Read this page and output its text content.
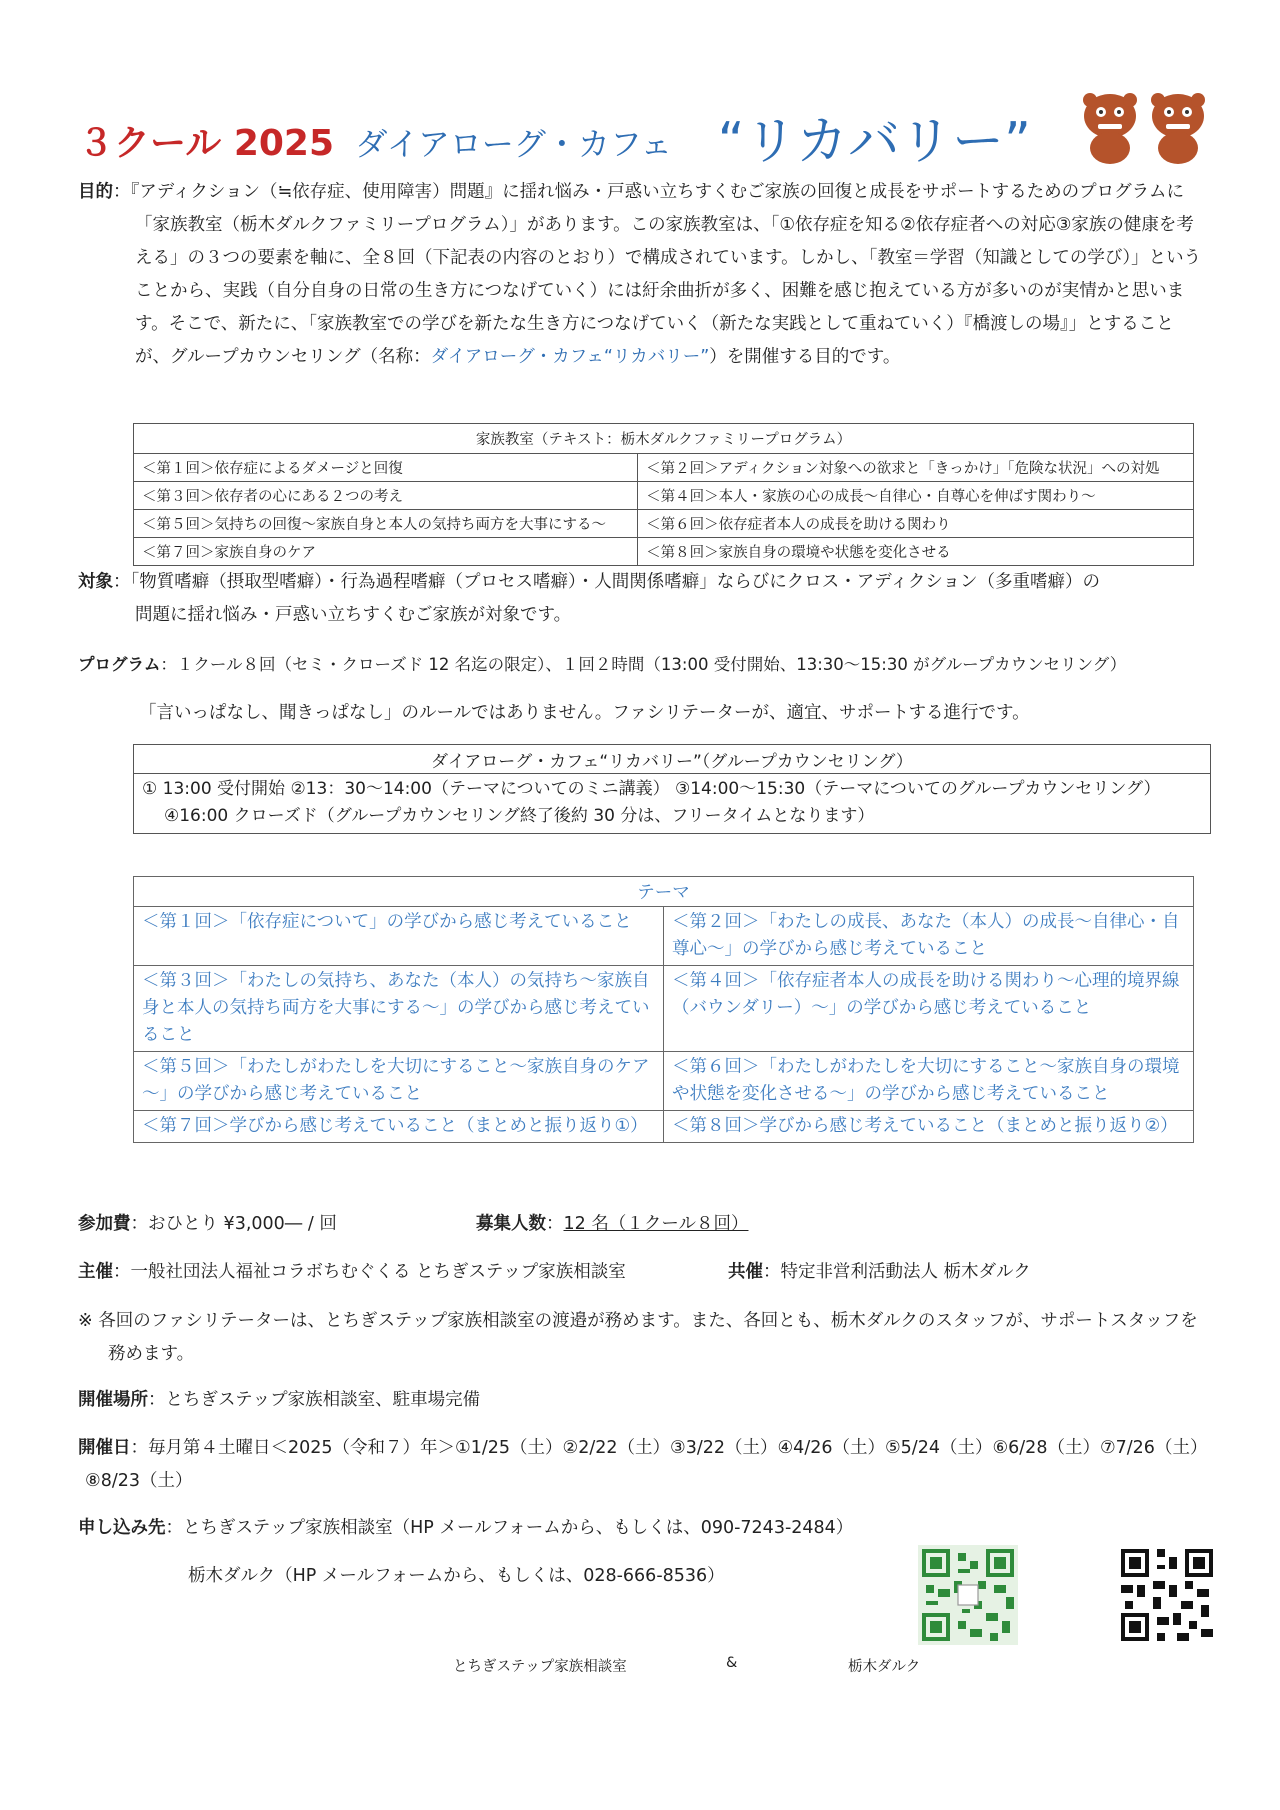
３クール 2025 ダイアローグ・カフェ “リカバリー”
目的：『アディクション（≒依存症、使用障害）問題』に揺れ悩み・戸惑い立ちすくむご家族の回復と成長をサポートするためのプログラムに「家族教室（栃木ダルクファミリープログラム）」があります。この家族教室は、「①依存症を知る②依存症者への対応③家族の健康を考える」の３つの要素を軸に、全８回（下記表の内容のとおり）で構成されています。しかし、「教室＝学習（知識としての学び）」ということから、実践（自分自身の日常の生き方につなげていく）には紆余曲折が多く、困難を感じ抱えている方が多いのが実情かと思います。そこで、新たに、「家族教室での学びを新たな生き方につなげていく（新たな実践として重ねていく）『橋渡しの場』」とすることが、グループカウンセリング（名称：ダイアローグ・カフェ“リカバリー”）を開催する目的です。
家族教室（テキスト：栃木ダルクファミリープログラム）	
＜第１回＞依存症によるダメージと回復	＜第２回＞アディクション対象への欲求と「きっかけ」「危険な状況」への対処
＜第３回＞依存者の心にある２つの考え	＜第４回＞本人・家族の心の成長～自律心・自尊心を伸ばす関わり～
＜第５回＞気持ちの回復～家族自身と本人の気持ち両方を大事にする～	＜第６回＞依存症者本人の成長を助ける関わり
＜第７回＞家族自身のケア	＜第８回＞家族自身の環境や状態を変化させる
対象：「物質嗜癖（摂取型嗜癖）・行為過程嗜癖（プロセス嗜癖）・人間関係嗜癖」ならびにクロス・アディクション（多重嗜癖）の
問題に揺れ悩み・戸惑い立ちすくむご家族が対象です。
プログラム：１クール８回（セミ・クローズド 12 名迄の限定）、１回２時間（13:00 受付開始、13:30～15:30 がグループカウンセリング）
「言いっぱなし、聞きっぱなし」のルールではありません。ファシリテーターが、適宜、サポートする進行です。
ダイアローグ・カフェ“リカバリー”（グループカウンセリング）
① 13:00 受付開始 ②13：30～14:00（テーマについてのミニ講義） ③14:00～15:30（テーマについてのグループカウンセリング） ④16:00 クローズド（グループカウンセリング終了後約 30 分は、フリータイムとなります）
テーマ	
＜第１回＞「依存症について」の学びから感じ考えていること	＜第２回＞「わたしの成長、あなた（本人）の成長～自律心・自尊心～」の学びから感じ考えていること
＜第３回＞「わたしの気持ち、あなた（本人）の気持ち～家族自身と本人の気持ち両方を大事にする～」の学びから感じ考えていること	＜第４回＞「依存症者本人の成長を助ける関わり～心理的境界線（バウンダリー）～」の学びから感じ考えていること
＜第５回＞「わたしがわたしを大切にすること～家族自身のケア～」の学びから感じ考えていること	＜第６回＞「わたしがわたしを大切にすること～家族自身の環境や状態を変化させる～」の学びから感じ考えていること
＜第７回＞学びから感じ考えていること（まとめと振り返り①）	＜第８回＞学びから感じ考えていること（まとめと振り返り②）
参加費：おひとり ¥3,000― / 回	募集人数：12 名（１クール８回）
主催：一般社団法人福祉コラボちむぐくる とちぎステップ家族相談室	共催：特定非営利活動法人 栃木ダルク
※ 各回のファシリテーターは、とちぎステップ家族相談室の渡邉が務めます。また、各回とも、栃木ダルクのスタッフが、サポートスタッフを務めます。
開催場所：とちぎステップ家族相談室、駐車場完備
開催日：毎月第４土曜日＜2025（令和７）年＞①1/25（土）②2/22（土）③3/22（土）④4/26（土）⑤5/24（土）⑥6/28（土）⑦7/26（土）⑧8/23（土）
申し込み先：とちぎステップ家族相談室（HP メールフォームから、もしくは、090-7243-2484）
栃木ダルク（HP メールフォームから、もしくは、028-666-8536）
とちぎステップ家族相談室	&	栃木ダルク
